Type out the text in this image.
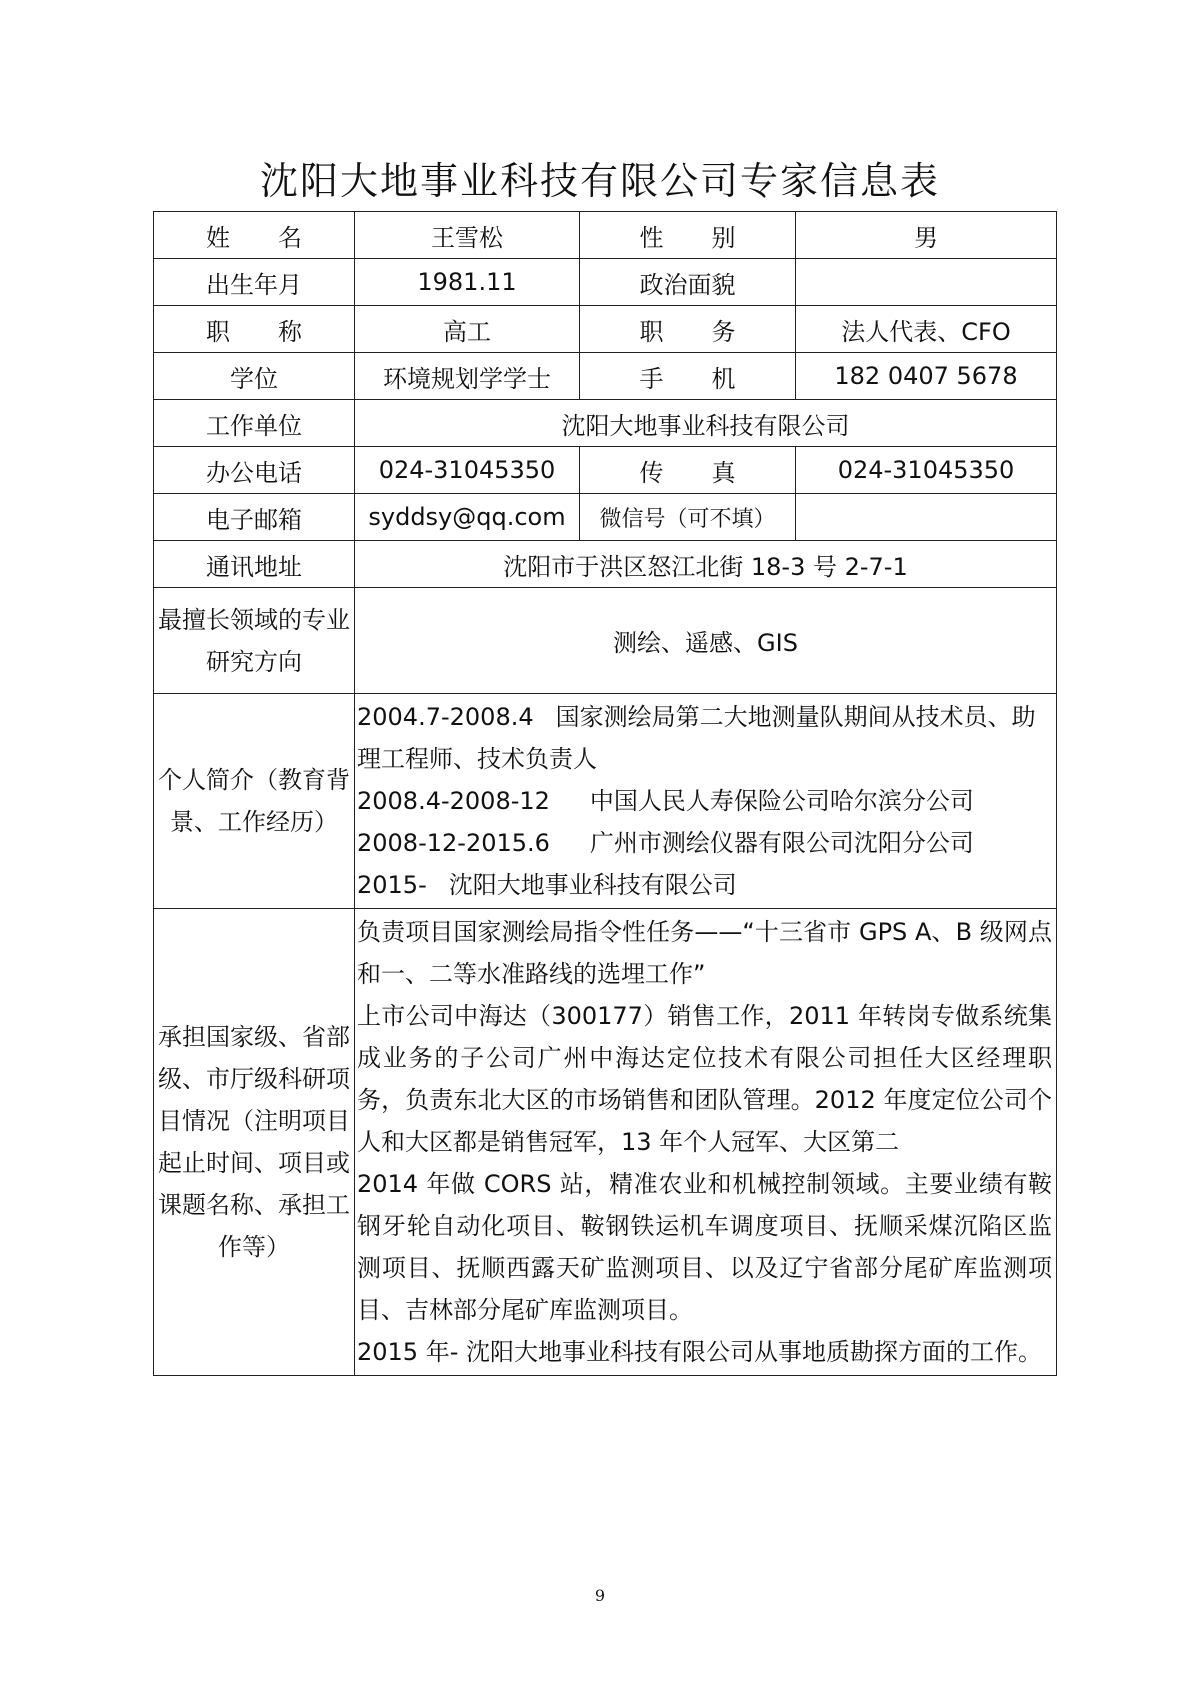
沈阳大地事业科技有限公司专家信息表
姓 名	王雪松	性 别	男
出生年月	1981.11	政治面貌	

职 称	高工	职 务	法人代表、CFO
学位	环境规划学学士	手 机	182 0407 5678
工作单位	沈阳大地事业科技有限公司		
办公电话	024-31045350	传 真	024-31045350
电子邮箱	syddsy@qq.com	微信号（可不填）	
通讯地址	沈阳市于洪区怒江北街 18-3 号 2-7-1		

最擅长领域的专业研究方向	测绘、遥感、GIS		

个人简介（教育背景、工作经历）	2004.7-2008.4 国家测绘局第二大地测量队期间从技术员、助理工程师、技术负责人
2008.4-2008-12 中国人民人寿保险公司哈尔滨分公司
2008-12-2015.6 广州市测绘仪器有限公司沈阳分公司
2015- 沈阳大地事业科技有限公司		

承担国家级、省部级、市厅级科研项目情况（注明项目起止时间、项目或课题名称、承担工作等）	负责项目国家测绘局指令性任务——“十三省市 GPS A、B 级网点和一、二等水准路线的选埋工作”
上市公司中海达（300177）销售工作，2011 年转岗专做系统集成业务的子公司广州中海达定位技术有限公司担任大区经理职务，负责东北大区的市场销售和团队管理。2012 年度定位公司个人和大区都是销售冠军，13 年个人冠军、大区第二
2014 年做 CORS 站，精准农业和机械控制领域。主要业绩有鞍钢牙轮自动化项目、鞍钢铁运机车调度项目、抚顺采煤沉陷区监测项目、抚顺西露天矿监测项目、以及辽宁省部分尾矿库监测项目、吉林部分尾矿库监测项目。
2015 年- 沈阳大地事业科技有限公司从事地质勘探方面的工作。		
9
